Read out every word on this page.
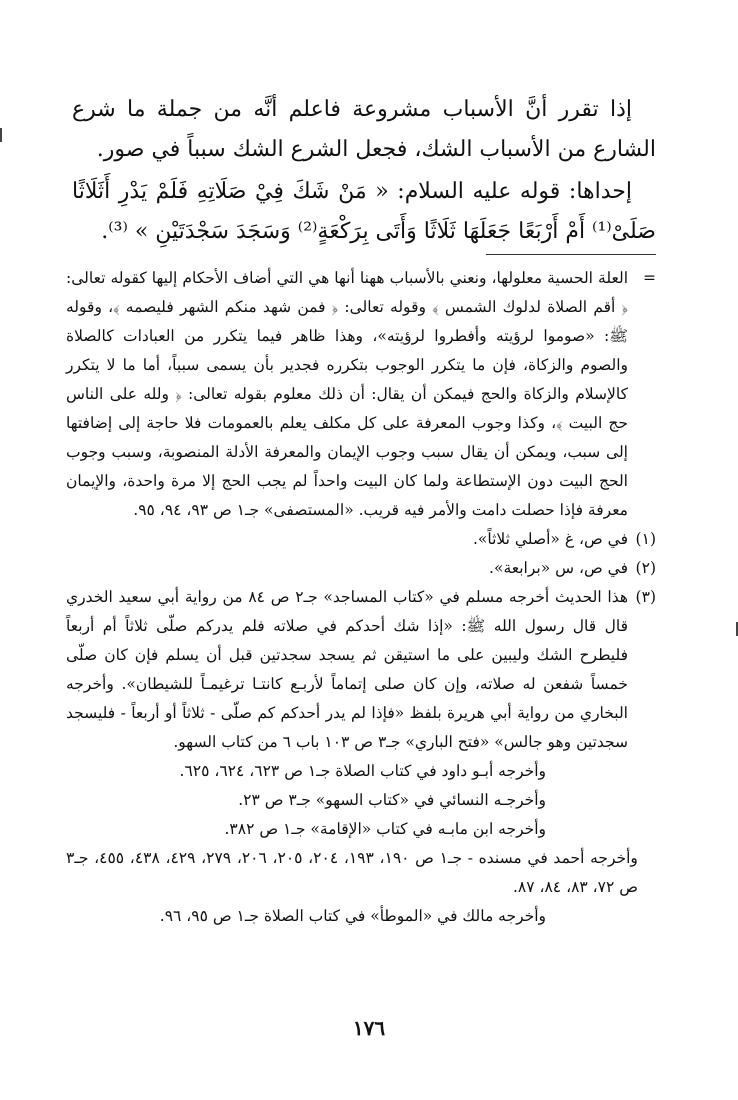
إذا تقرر أنَّ الأسباب مشروعة فاعلم أنَّه من جملة ما شرع الشارع من الأسباب الشك، فجعل الشرع الشك سبباً في صور.

إحداها: قوله عليه السلام: « مَنْ شَكَ فِيْ صَلَاتِهِ فَلَمْ يَدْرِ أَثَلَاثًا صَلَىْ⁽¹⁾ أَمْ أَرْبَعًا جَعَلَهَا ثَلَاثًا وَأَتَى بِرَكْعَةٍ⁽²⁾ وَسَجَدَ سَجْدَتَيْنِ » ⁽³⁾.

=
العلة الحسية معلولها، ونعني بالأسباب ههنا أنها هي التي أضاف الأحكام إليها كقوله تعالى: ﴿ أقم الصلاة لدلوك الشمس ﴾ وقوله تعالى: ﴿ فمن شهد منكم الشهر فليصمه ﴾، وقوله ﷺ: «صوموا لرؤيته وأفطروا لرؤيته»، وهذا ظاهر فيما يتكرر من العبادات كالصلاة والصوم والزكاة، فإن ما يتكرر الوجوب بتكرره فجدير بأن يسمى سبباً، أما ما لا يتكرر كالإسلام والزكاة والحج فيمكن أن يقال: أن ذلك معلوم بقوله تعالى: ﴿ ولله على الناس حج البيت ﴾، وكذا وجوب المعرفة على كل مكلف يعلم بالعمومات فلا حاجة إلى إضافتها إلى سبب، ويمكن أن يقال سبب وجوب الإيمان والمعرفة الأدلة المنصوبة، وسبب وجوب الحج البيت دون الإستطاعة ولما كان البيت واحداً لم يجب الحج إلا مرة واحدة، والإيمان معرفة فإذا حصلت دامت والأمر فيه قريب. «المستصفى» جـ١ ص ٩٣، ٩٤، ٩٥.

(١)
في ص، غ «أصلي ثلاثاً».

(٢)
في ص، س «برابعة».

(٣)
هذا الحديث أخرجه مسلم في «كتاب المساجد» جـ٢ ص ٨٤ من رواية أبي سعيد الخدري قال قال رسول الله ﷺ: «إذا شك أحدكم في صلاته فلم يدركم صلّى ثلاثاً أم أربعاً فليطرح الشك وليبين على ما استيقن ثم يسجد سجدتين قبل أن يسلم فإن كان صلّى خمساً شفعن له صلاته، وإن كان صلى إتماماً لأربـع كانتـا ترغيمـاً للشيطان». وأخرجه البخاري من رواية أبي هريرة بلفظ «فإذا لم يدر أحدكم كم صلّى - ثلاثاً أو أربعاً - فليسجد سجدتين وهو جالس» «فتح الباري» جـ٣ ص ١٠٣ باب ٦ من كتاب السهو.

وأخرجه أبـو داود في كتاب الصلاة جـ١ ص ٦٢٣، ٦٢٤، ٦٢٥.

وأخرجـه النسائي في «كتاب السهو» جـ٣ ص ٢٣.

وأخرجه ابن مابـه في كتاب «الإقامة» جـ١ ص ٣٨٢.

وأخرجه أحمد في مسنده - جـ١ ص ١٩٠، ١٩٣، ٢٠٤، ٢٠٥، ٢٠٦، ٢٧٩، ٤٢٩، ٤٣٨، ٤٥٥، جـ٣ ص ٧٢، ٨٣، ٨٤، ٨٧.

وأخرجه مالك في «الموطأ» في كتاب الصلاة جـ١ ص ٩٥، ٩٦.

١٧٦
